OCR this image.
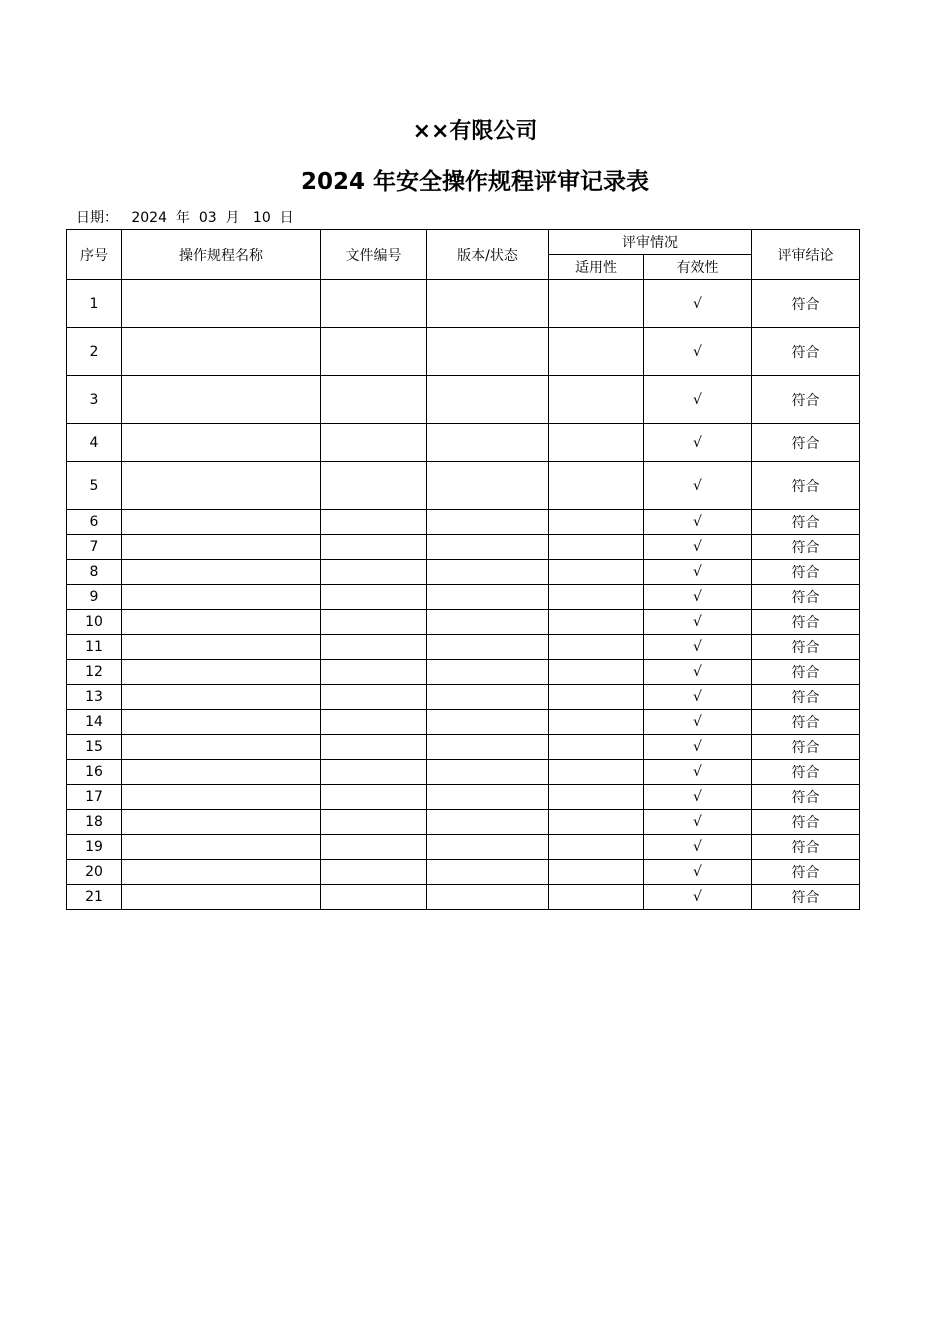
××有限公司
2024 年安全操作规程评审记录表
日期： 2024 年 03 月 10 日
序号	操作规程名称	文件编号	版本/状态	评审情况		评审结论
				适用性	有效性	
1					√	符合
2					√	符合
3					√	符合
4					√	符合
5					√	符合
6					√	符合
7					√	符合
8					√	符合
9					√	符合
10					√	符合
11					√	符合
12					√	符合
13					√	符合
14					√	符合
15					√	符合
16					√	符合
17					√	符合
18					√	符合
19					√	符合
20					√	符合
21					√	符合
